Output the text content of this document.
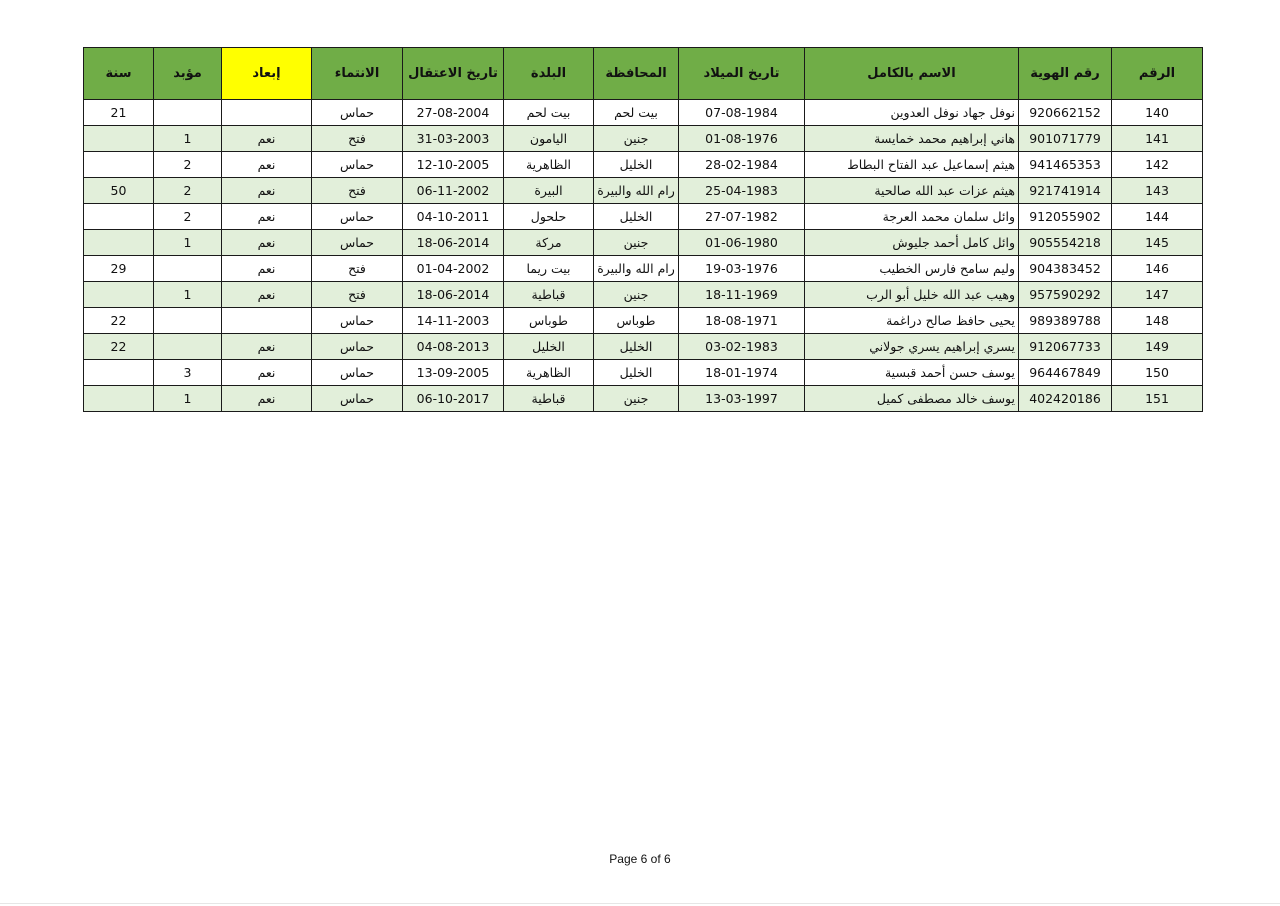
الرقم	رقم الهوية	الاسم بالكامل	تاريخ الميلاد	المحافظة	البلدة	تاريخ الاعتقال	الانتماء	إبعاد	مؤبد	سنة
140	920662152	نوفل جهاد نوفل العدوين	07-08-1984	بيت لحم	بيت لحم	27-08-2004	حماس			21
141	901071779	هاني إبراهيم محمد خمايسة	01-08-1976	جنين	اليامون	31-03-2003	فتح	نعم	1	
142	941465353	هيثم إسماعيل عبد الفتاح البطاط	28-02-1984	الخليل	الظاهرية	12-10-2005	حماس	نعم	2	
143	921741914	هيثم عزات عبد الله صالحية	25-04-1983	رام الله والبيرة	البيرة	06-11-2002	فتح	نعم	2	50
144	912055902	وائل سلمان محمد العرجة	27-07-1982	الخليل	حلحول	04-10-2011	حماس	نعم	2	
145	905554218	وائل كامل أحمد جليوش	01-06-1980	جنين	مركة	18-06-2014	حماس	نعم	1	
146	904383452	وليم سامح فارس الخطيب	19-03-1976	رام الله والبيرة	بيت ريما	01-04-2002	فتح	نعم		29
147	957590292	وهيب عبد الله خليل أبو الرب	18-11-1969	جنين	قباطية	18-06-2014	فتح	نعم	1	
148	989389788	يحيى حافظ صالح دراغمة	18-08-1971	طوباس	طوباس	14-11-2003	حماس			22
149	912067733	يسري إبراهيم يسري جولاني	03-02-1983	الخليل	الخليل	04-08-2013	حماس	نعم		22
150	964467849	يوسف حسن أحمد قبسية	18-01-1974	الخليل	الظاهرية	13-09-2005	حماس	نعم	3	
151	402420186	يوسف خالد مصطفى كميل	13-03-1997	جنين	قباطية	06-10-2017	حماس	نعم	1	
Page 6 of 6
